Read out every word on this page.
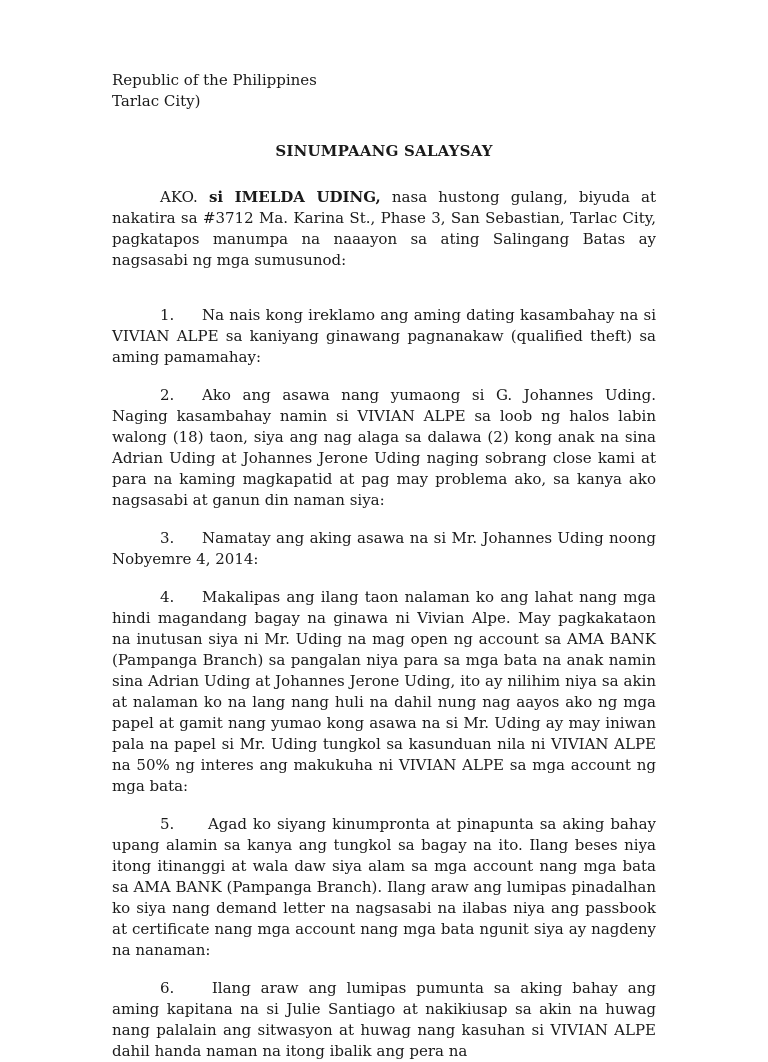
Republic of the Philippines
Tarlac City)
SINUMPAANG SALAYSAY

AKO. si IMELDA UDING, nasa hustong gulang, biyuda at nakatira sa #3712 Ma. Karina St., Phase 3, San Sebastian, Tarlac City, pagkatapos manumpa na naaayon sa ating Salingang Batas ay nagsasabi ng mga sumusunod:

1. Na nais kong ireklamo ang aming dating kasambahay na si VIVIAN ALPE sa kaniyang ginawang pagnanakaw (qualified theft) sa aming pamamahay:

2. Ako ang asawa nang yumaong si G. Johannes Uding. Naging kasambahay namin si VIVIAN ALPE sa loob ng halos labin walong (18) taon, siya ang nag alaga sa dalawa (2) kong anak na sina Adrian Uding at Johannes Jerone Uding naging sobrang close kami at para na kaming magkapatid at pag may problema ako, sa kanya ako nagsasabi at ganun din naman siya:

3. Namatay ang aking asawa na si Mr. Johannes Uding noong Nobyemre 4, 2014:

4. Makalipas ang ilang taon nalaman ko ang lahat nang mga hindi magandang bagay na ginawa ni Vivian Alpe. May pagkakataon na inutusan siya ni Mr. Uding na mag open ng account sa AMA BANK (Pampanga Branch) sa pangalan niya para sa mga bata na anak namin sina Adrian Uding at Johannes Jerone Uding, ito ay nilihim niya sa akin at nalaman ko na lang nang huli na dahil nung nag aayos ako ng mga papel at gamit nang yumao kong asawa na si Mr. Uding ay may iniwan pala na papel si Mr. Uding tungkol sa kasunduan nila ni VIVIAN ALPE na 50% ng interes ang makukuha ni VIVIAN ALPE sa mga account ng mga bata:

5. Agad ko siyang kinumpronta at pinapunta sa aking bahay upang alamin sa kanya ang tungkol sa bagay na ito. Ilang beses niya itong itinanggi at wala daw siya alam sa mga account nang mga bata sa AMA BANK (Pampanga Branch). Ilang araw ang lumipas pinadalhan ko siya nang demand letter na nagsasabi na ilabas niya ang passbook at certificate nang mga account nang mga bata ngunit siya ay nagdeny na nanaman:

6. Ilang araw ang lumipas pumunta sa aking bahay ang aming kapitana na si Julie Santiago at nakikiusap sa akin na huwag nang palalain ang sitwasyon at huwag nang kasuhan si VIVIAN ALPE dahil handa naman na itong ibalik ang pera na
